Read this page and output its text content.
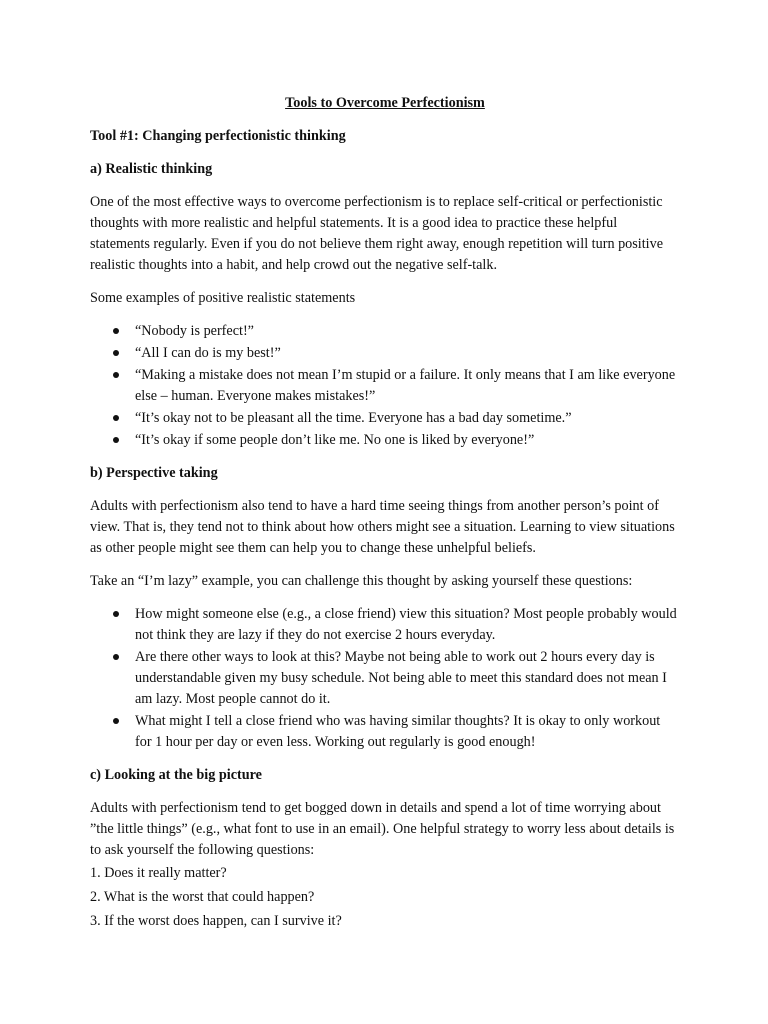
Tools to Overcome Perfectionism
Tool #1: Changing perfectionistic thinking
a) Realistic thinking

One of the most effective ways to overcome perfectionism is to replace self-critical or perfectionistic thoughts with more realistic and helpful statements. It is a good idea to practice these helpful statements regularly. Even if you do not believe them right away, enough repetition will turn positive realistic thoughts into a habit, and help crowd out the negative self-talk.

Some examples of positive realistic statements

“Nobody is perfect!”
“All I can do is my best!”
“Making a mistake does not mean I’m stupid or a failure. It only means that I am like everyone else – human. Everyone makes mistakes!”
“It’s okay not to be pleasant all the time. Everyone has a bad day sometime.”
“It’s okay if some people don’t like me. No one is liked by everyone!”
b) Perspective taking

Adults with perfectionism also tend to have a hard time seeing things from another person’s point of view. That is, they tend not to think about how others might see a situation. Learning to view situations as other people might see them can help you to change these unhelpful beliefs.

Take an “I’m lazy” example, you can challenge this thought by asking yourself these questions:

How might someone else (e.g., a close friend) view this situation? Most people probably would not think they are lazy if they do not exercise 2 hours everyday.
Are there other ways to look at this? Maybe not being able to work out 2 hours every day is understandable given my busy schedule. Not being able to meet this standard does not mean I am lazy. Most people cannot do it.
What might I tell a close friend who was having similar thoughts? It is okay to only workout for 1 hour per day or even less. Working out regularly is good enough!
c) Looking at the big picture

Adults with perfectionism tend to get bogged down in details and spend a lot of time worrying about ”the little things” (e.g., what font to use in an email). One helpful strategy to worry less about details is to ask yourself the following questions:

1. Does it really matter?
2. What is the worst that could happen?
3. If the worst does happen, can I survive it?
